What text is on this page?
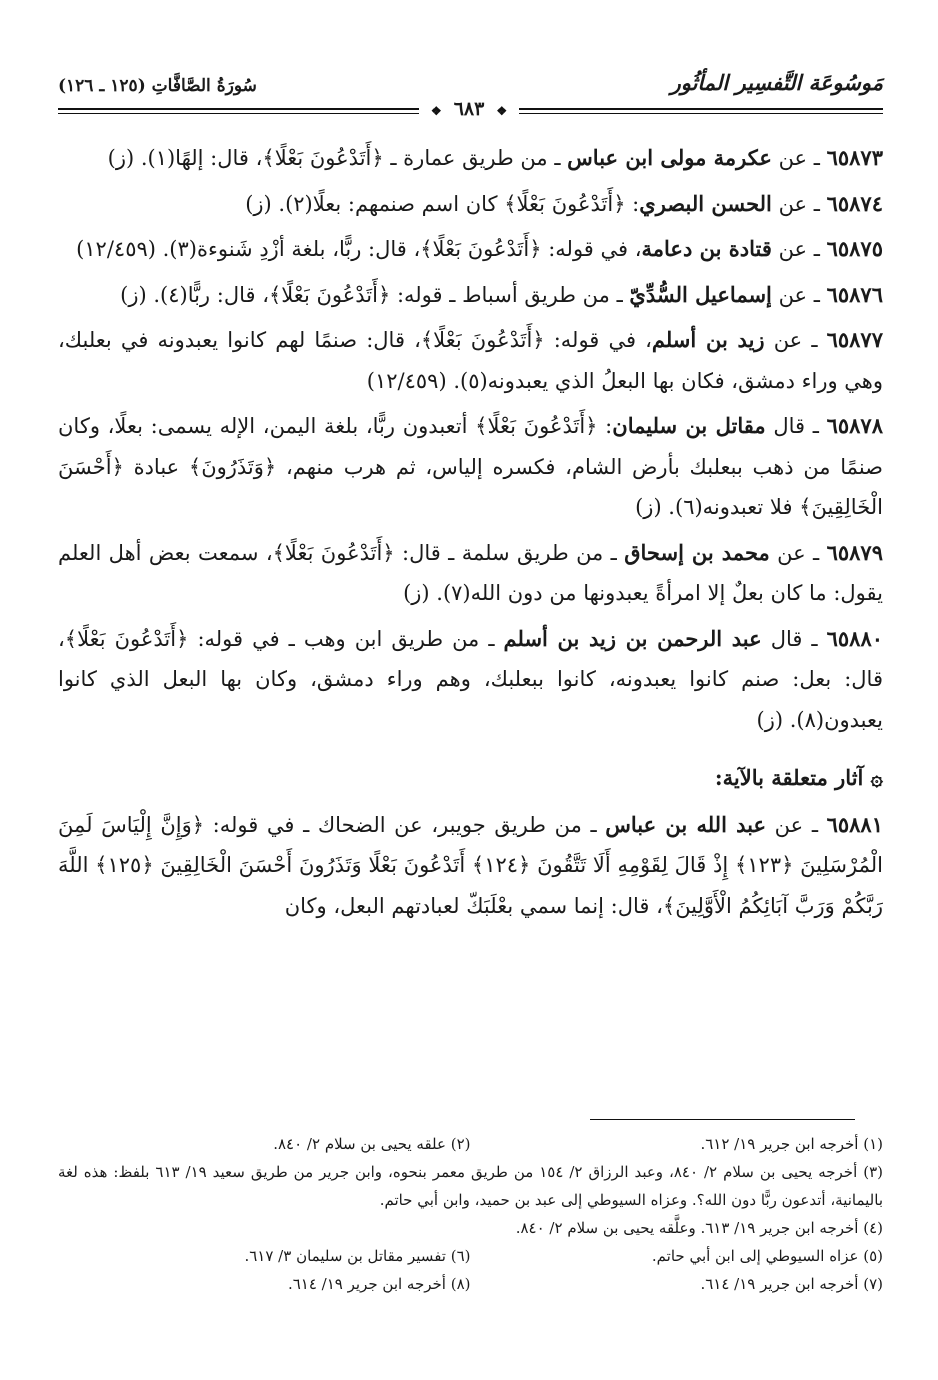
مَوسُوعَة التَّفسِير المأثُور
سُورَةُ الصَّافَّاتِ (١٢٥ ـ ١٢٦)
❖ ٦٨٣ ❖

٦٥٨٧٣ ـ عن عكرمة مولى ابن عباس ـ من طريق عمارة ـ ﴿أَتَدْعُونَ بَعْلًا﴾، قال: إلهًا(١). (ز)

٦٥٨٧٤ ـ عن الحسن البصري: ﴿أَتَدْعُونَ بَعْلًا﴾ كان اسم صنمهم: بعلًا(٢). (ز)

٦٥٨٧٥ ـ عن قتادة بن دعامة، في قوله: ﴿أَتَدْعُونَ بَعْلًا﴾، قال: ربًّا، بلغة أزْدِ شَنوءة(٣). (١٢/٤٥٩)

٦٥٨٧٦ ـ عن إسماعيل السُّدِّيّ ـ من طريق أسباط ـ قوله: ﴿أَتَدْعُونَ بَعْلًا﴾، قال: ربًّا(٤). (ز)

٦٥٨٧٧ ـ عن زيد بن أسلم، في قوله: ﴿أَتَدْعُونَ بَعْلًا﴾، قال: صنمًا لهم كانوا يعبدونه في بعلبك، وهي وراء دمشق، فكان بها البعلُ الذي يعبدونه(٥). (١٢/٤٥٩)

٦٥٨٧٨ ـ قال مقاتل بن سليمان: ﴿أَتَدْعُونَ بَعْلًا﴾ أتعبدون ربًّا، بلغة اليمن، الإله يسمى: بعلًا، وكان صنمًا من ذهب ببعلبك بأرض الشام، فكسره إلياس، ثم هرب منهم، ﴿وَتَذَرُونَ﴾ عبادة ﴿أَحْسَنَ الْخَالِقِينَ﴾ فلا تعبدونه(٦). (ز)

٦٥٨٧٩ ـ عن محمد بن إسحاق ـ من طريق سلمة ـ قال: ﴿أَتَدْعُونَ بَعْلًا﴾، سمعت بعض أهل العلم يقول: ما كان بعلٌ إلا امرأةً يعبدونها من دون الله(٧). (ز)

٦٥٨٨٠ ـ قال عبد الرحمن بن زيد بن أسلم ـ من طريق ابن وهب ـ في قوله: ﴿أَتَدْعُونَ بَعْلًا﴾، قال: بعل: صنم كانوا يعبدونه، كانوا ببعلبك، وهم وراء دمشق، وكان بها البعل الذي كانوا يعبدون(٨). (ز)

۞ آثار متعلقة بالآية:

٦٥٨٨١ ـ عن عبد الله بن عباس ـ من طريق جويبر، عن الضحاك ـ في قوله: ﴿وَإِنَّ إِلْيَاسَ لَمِنَ الْمُرْسَلِينَ ﴿١٢٣﴾ إِذْ قَالَ لِقَوْمِهِ أَلَا تَتَّقُونَ ﴿١٢٤﴾ أَتَدْعُونَ بَعْلًا وَتَذَرُونَ أَحْسَنَ الْخَالِقِينَ ﴿١٢٥﴾ اللَّهَ رَبَّكُمْ وَرَبَّ آبَائِكُمُ الْأَوَّلِينَ﴾، قال: إنما سمي بعْلَبَكّ لعبادتهم البعل، وكان

(١) أخرجه ابن جرير ١٩/ ٦١٢.
(٢) علقه يحيى بن سلام ٢/ ٨٤٠.
(٣) أخرجه يحيى بن سلام ٢/ ٨٤٠، وعبد الرزاق ٢/ ١٥٤ من طريق معمر بنحوه، وابن جرير من طريق سعيد ١٩/ ٦١٣ بلفظ: هذه لغة باليمانية، أتدعون ربًّا دون الله؟. وعزاه السيوطي إلى عبد بن حميد، وابن أبي حاتم.
(٤) أخرجه ابن جرير ١٩/ ٦١٣. وعلَّقه يحيى بن سلام ٢/ ٨٤٠.
(٥) عزاه السيوطي إلى ابن أبي حاتم.
(٦) تفسير مقاتل بن سليمان ٣/ ٦١٧.
(٧) أخرجه ابن جرير ١٩/ ٦١٤.
(٨) أخرجه ابن جرير ١٩/ ٦١٤.
